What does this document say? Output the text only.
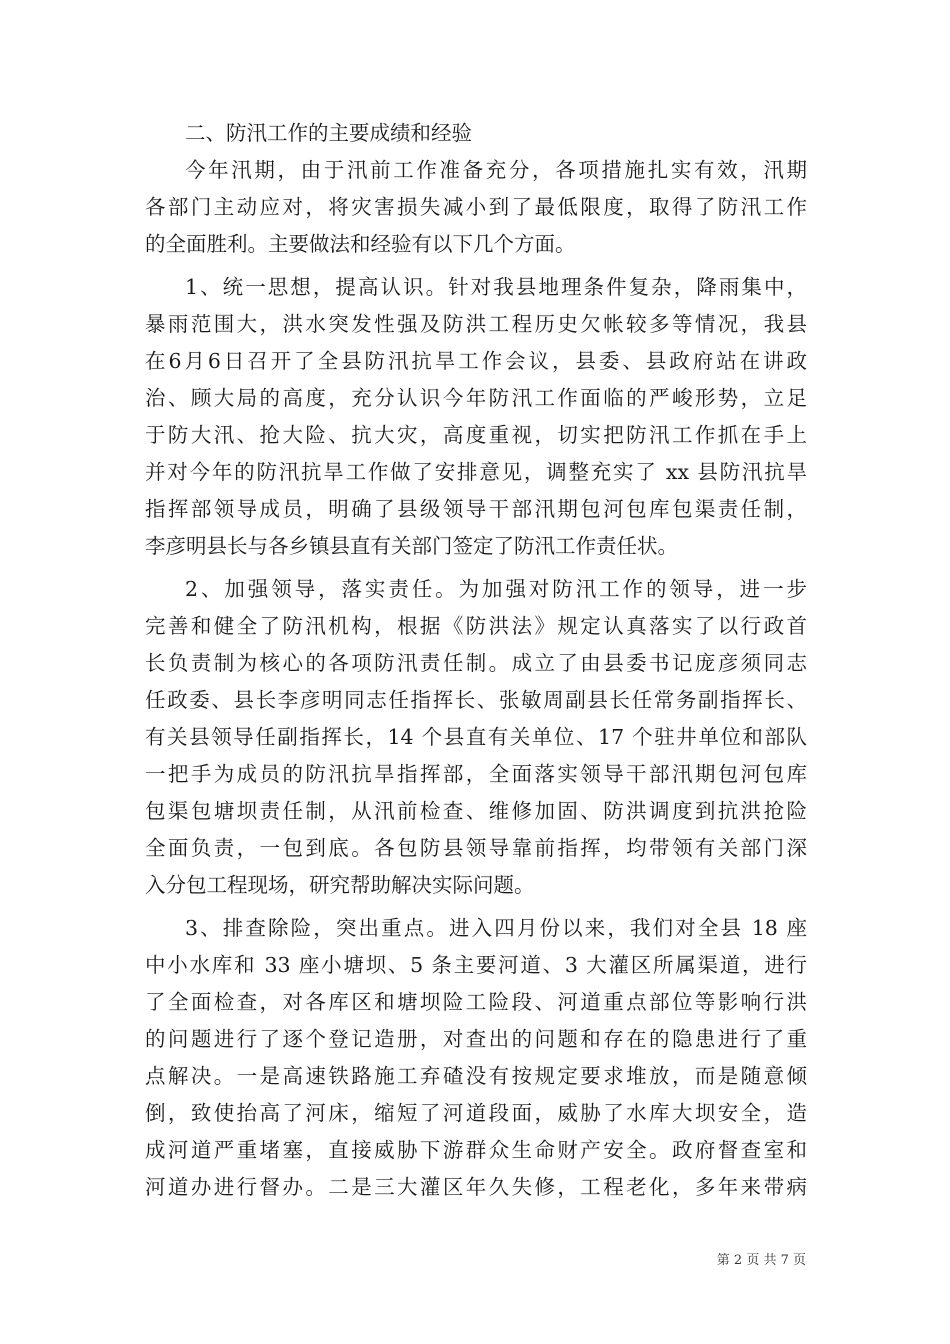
二、防汛工作的主要成绩和经验
今年汛期，由于汛前工作准备充分，各项措施扎实有效，汛期
各部门主动应对，将灾害损失减小到了最低限度，取得了防汛工作
的全面胜利。主要做法和经验有以下几个方面。
1、统一思想，提高认识。针对我县地理条件复杂，降雨集中，
暴雨范围大，洪水突发性强及防洪工程历史欠帐较多等情况，我县
在6月6日召开了全县防汛抗旱工作会议，县委、县政府站在讲政
治、顾大局的高度，充分认识今年防汛工作面临的严峻形势，立足
于防大汛、抢大险、抗大灾，高度重视，切实把防汛工作抓在手上
并对今年的防汛抗旱工作做了安排意见，调整充实了 xx 县防汛抗旱
指挥部领导成员，明确了县级领导干部汛期包河包库包渠责任制，
李彦明县长与各乡镇县直有关部门签定了防汛工作责任状。
2、加强领导，落实责任。为加强对防汛工作的领导，进一步
完善和健全了防汛机构，根据《防洪法》规定认真落实了以行政首
长负责制为核心的各项防汛责任制。成立了由县委书记庞彦须同志
任政委、县长李彦明同志任指挥长、张敏周副县长任常务副指挥长、
有关县领导任副指挥长，14 个县直有关单位、17 个驻井单位和部队
一把手为成员的防汛抗旱指挥部，全面落实领导干部汛期包河包库
包渠包塘坝责任制，从汛前检查、维修加固、防洪调度到抗洪抢险
全面负责，一包到底。各包防县领导靠前指挥，均带领有关部门深
入分包工程现场，研究帮助解决实际问题。
3、排查除险，突出重点。进入四月份以来，我们对全县 18 座
中小水库和 33 座小塘坝、5 条主要河道、3 大灌区所属渠道，进行
了全面检查，对各库区和塘坝险工险段、河道重点部位等影响行洪
的问题进行了逐个登记造册，对查出的问题和存在的隐患进行了重
点解决。一是高速铁路施工弃碴没有按规定要求堆放，而是随意倾
倒，致使抬高了河床，缩短了河道段面，威胁了水库大坝安全，造
成河道严重堵塞，直接威胁下游群众生命财产安全。政府督查室和
河道办进行督办。二是三大灌区年久失修，工程老化，多年来带病
第 2 页 共 7 页
